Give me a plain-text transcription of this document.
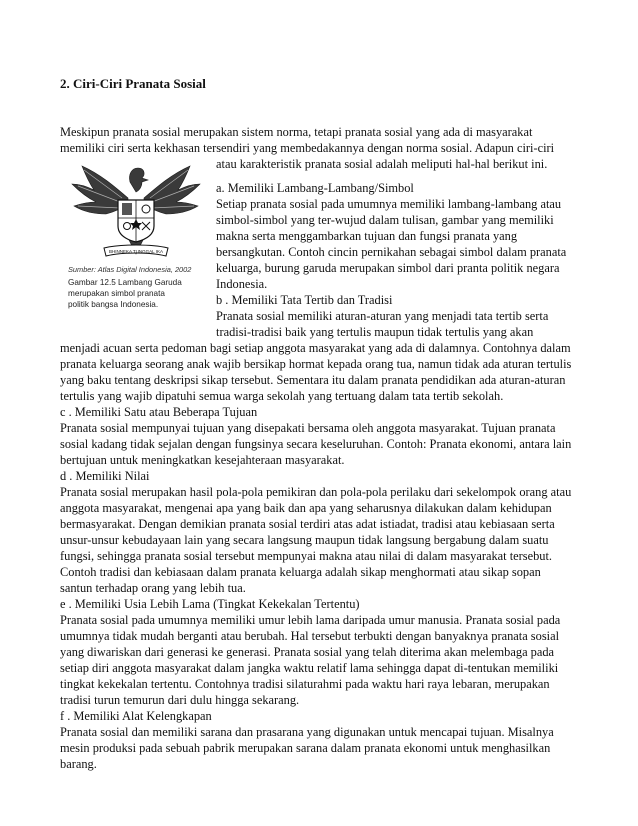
2. Ciri-Ciri Pranata Sosial
Meskipun pranata sosial merupakan sistem norma, tetapi pranata sosial yang ada di masyarakat
memiliki ciri serta kekhasan tersendiri yang membedakannya dengan norma sosial. Adapun ciri-ciri
atau karakteristik pranata sosial adalah meliputi hal-hal berikut ini.
BHINNEKA TUNGGAL IKA
Sumber: Atlas Digital Indonesia, 2002
Gambar 12.5 Lambang Garuda
merupakan simbol pranata
politik bangsa Indonesia.
a. Memiliki Lambang-Lambang/Simbol
Setiap pranata sosial pada umumnya memiliki lambang-lambang atau
simbol-simbol yang ter-wujud dalam tulisan, gambar yang memiliki
makna serta menggambarkan tujuan dan fungsi pranata yang
bersangkutan. Contoh cincin pernikahan sebagai simbol dalam pranata
keluarga, burung garuda merupakan simbol dari pranta politik negara
Indonesia.
b . Memiliki Tata Tertib dan Tradisi
Pranata sosial memiliki aturan-aturan yang menjadi tata tertib serta
tradisi-tradisi baik yang tertulis maupun tidak tertulis yang akan
menjadi acuan serta pedoman bagi setiap anggota masyarakat yang ada di dalamnya. Contohnya dalam
pranata keluarga seorang anak wajib bersikap hormat kepada orang tua, namun tidak ada aturan tertulis
yang baku tentang deskripsi sikap tersebut. Sementara itu dalam pranata pendidikan ada aturan-aturan
tertulis yang wajib dipatuhi semua warga sekolah yang tertuang dalam tata tertib sekolah.
c . Memiliki Satu atau Beberapa Tujuan
Pranata sosial mempunyai tujuan yang disepakati bersama oleh anggota masyarakat. Tujuan pranata
sosial kadang tidak sejalan dengan fungsinya secara keseluruhan. Contoh: Pranata ekonomi, antara lain
bertujuan untuk meningkatkan kesejahteraan masyarakat.
d . Memiliki Nilai
Pranata sosial merupakan hasil pola-pola pemikiran dan pola-pola perilaku dari sekelompok orang atau
anggota masyarakat, mengenai apa yang baik dan apa yang seharusnya dilakukan dalam kehidupan
bermasyarakat. Dengan demikian pranata sosial terdiri atas adat istiadat, tradisi atau kebiasaan serta
unsur-unsur kebudayaan lain yang secara langsung maupun tidak langsung bergabung dalam suatu
fungsi, sehingga pranata sosial tersebut mempunyai makna atau nilai di dalam masyarakat tersebut.
Contoh tradisi dan kebiasaan dalam pranata keluarga adalah sikap menghormati atau sikap sopan
santun terhadap orang yang lebih tua.
e . Memiliki Usia Lebih Lama (Tingkat Kekekalan Tertentu)
Pranata sosial pada umumnya memiliki umur lebih lama daripada umur manusia. Pranata sosial pada
umumnya tidak mudah berganti atau berubah. Hal tersebut terbukti dengan banyaknya pranata sosial
yang diwariskan dari generasi ke generasi. Pranata sosial yang telah diterima akan melembaga pada
setiap diri anggota masyarakat dalam jangka waktu relatif lama sehingga dapat di-tentukan memiliki
tingkat kekekalan tertentu. Contohnya tradisi silaturahmi pada waktu hari raya lebaran, merupakan
tradisi turun temurun dari dulu hingga sekarang.
f . Memiliki Alat Kelengkapan
Pranata sosial dan memiliki sarana dan prasarana yang digunakan untuk mencapai tujuan. Misalnya
mesin produksi pada sebuah pabrik merupakan sarana dalam pranata ekonomi untuk menghasilkan
barang.
